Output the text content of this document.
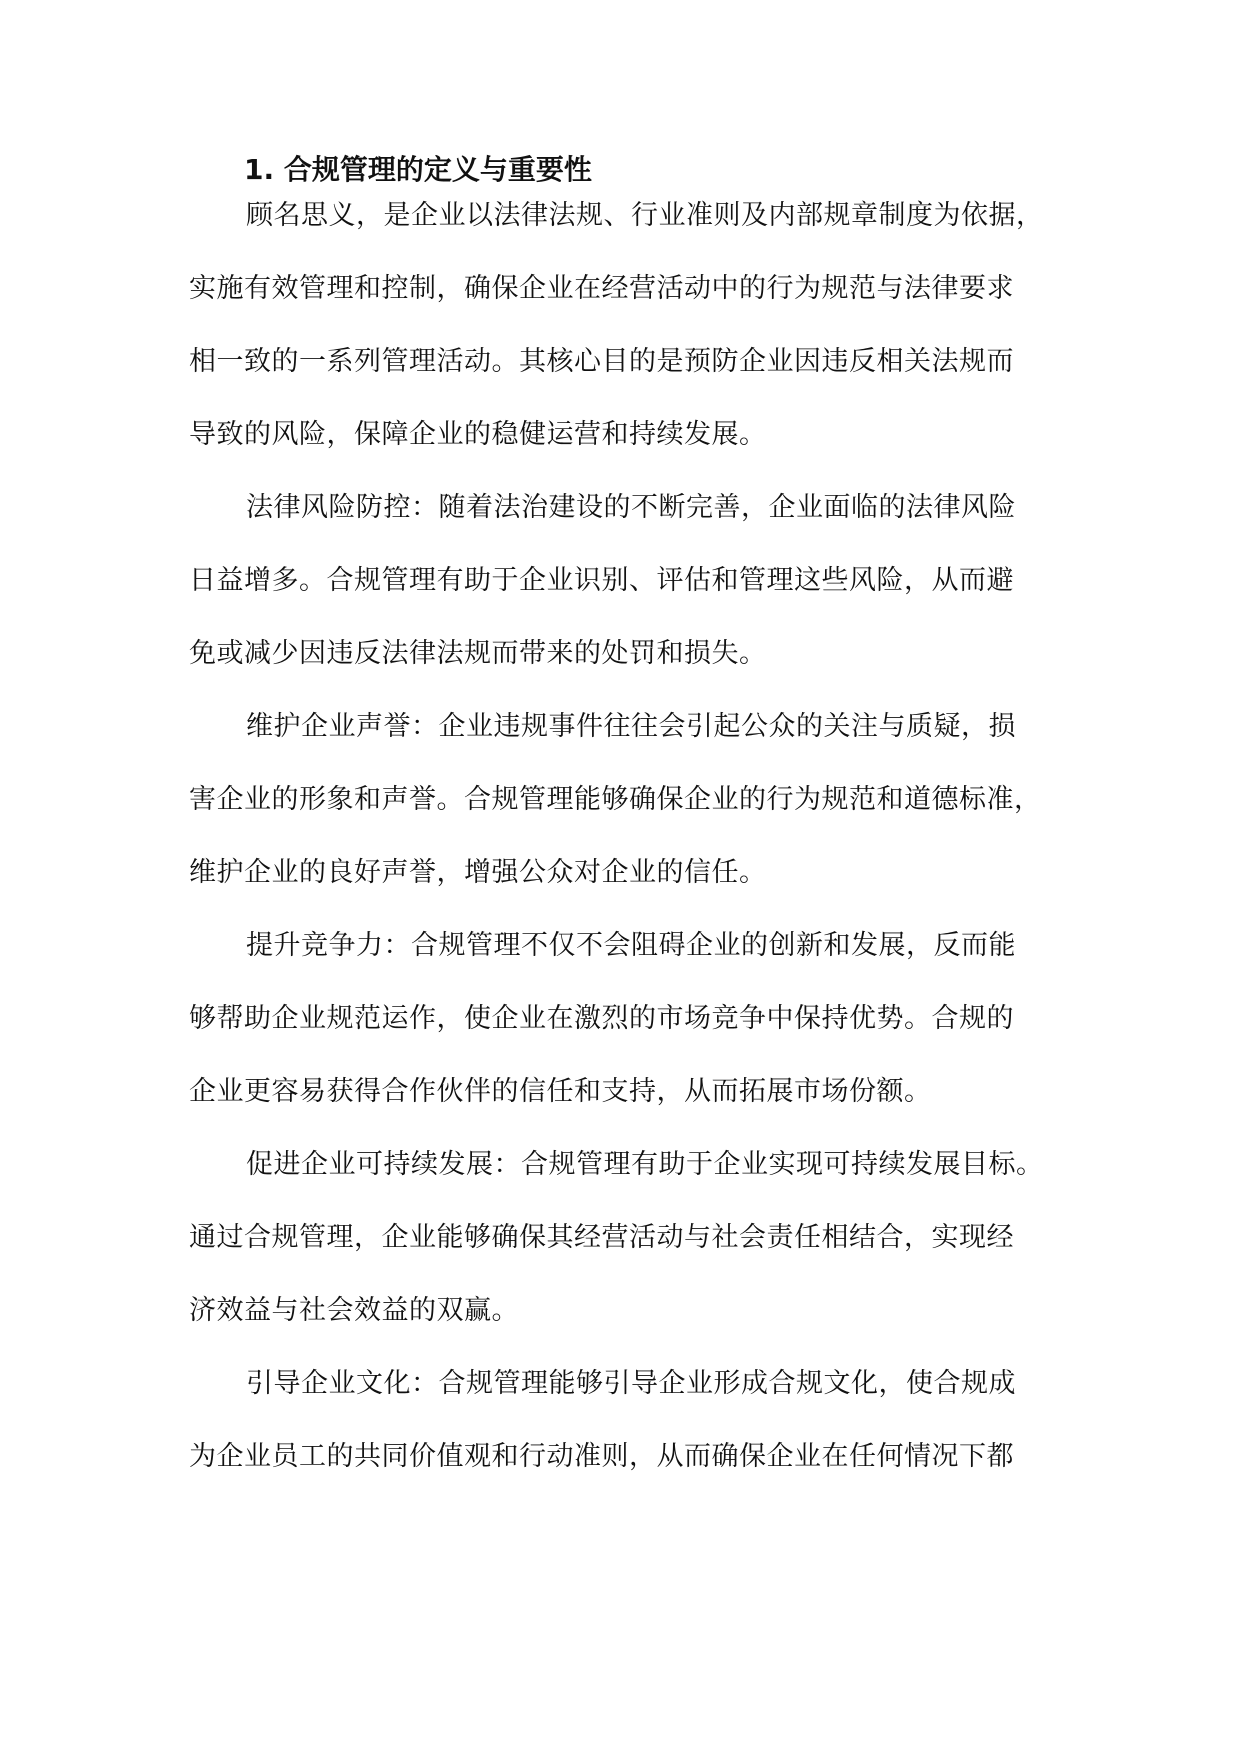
1. 合规管理的定义与重要性
顾名思义，是企业以法律法规、行业准则及内部规章制度为依据，
实施有效管理和控制，确保企业在经营活动中的行为规范与法律要求
相一致的一系列管理活动。其核心目的是预防企业因违反相关法规而
导致的风险，保障企业的稳健运营和持续发展。
法律风险防控：随着法治建设的不断完善，企业面临的法律风险
日益增多。合规管理有助于企业识别、评估和管理这些风险，从而避
免或减少因违反法律法规而带来的处罚和损失。
维护企业声誉：企业违规事件往往会引起公众的关注与质疑，损
害企业的形象和声誉。合规管理能够确保企业的行为规范和道德标准，
维护企业的良好声誉，增强公众对企业的信任。
提升竞争力：合规管理不仅不会阻碍企业的创新和发展，反而能
够帮助企业规范运作，使企业在激烈的市场竞争中保持优势。合规的
企业更容易获得合作伙伴的信任和支持，从而拓展市场份额。
促进企业可持续发展：合规管理有助于企业实现可持续发展目标。
通过合规管理，企业能够确保其经营活动与社会责任相结合，实现经
济效益与社会效益的双赢。
引导企业文化：合规管理能够引导企业形成合规文化，使合规成
为企业员工的共同价值观和行动准则，从而确保企业在任何情况下都
